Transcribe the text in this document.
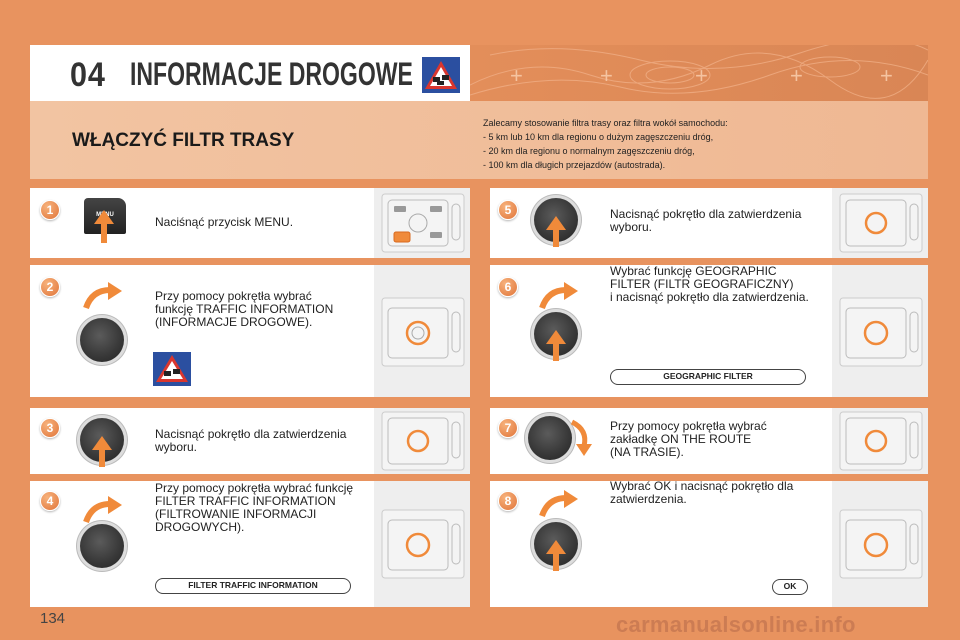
+	+	+	+	+
04 INFORMACJE DROGOWE
WŁĄCZYĆ FILTR TRASY
Zalecamy stosowanie filtra trasy oraz filtra wokół samochodu:
- 5 km lub 10 km dla regionu o dużym zagęszczeniu dróg,
- 20 km dla regionu o normalnym zagęszczeniu dróg,
- 100 km dla długich przejazdów (autostrada).
1	MENU	Naciśnąć przycisk MENU.
2
Przy pomocy pokrętła wybrać
funkcję TRAFFIC INFORMATION
(INFORMACJE DROGOWE).
3	Nacisnąć pokrętło dla zatwierdzenia
wyboru.
4
Przy pomocy pokrętła wybrać funkcję
FILTER TRAFFIC INFORMATION
(FILTROWANIE INFORMACJI
DROGOWYCH).
FILTER TRAFFIC INFORMATION
5	Nacisnąć pokrętło dla zatwierdzenia
wyboru.
6
Wybrać funkcję GEOGRAPHIC
FILTER (FILTR GEOGRAFICZNY)
i nacisnąć pokrętło dla zatwierdzenia.
GEOGRAPHIC FILTER
7	Przy pomocy pokrętła wybrać
zakładkę ON THE ROUTE
(NA TRASIE).
8
Wybrać OK i nacisnąć pokrętło dla
zatwierdzenia.
OK
134	carmanualsonline.info
